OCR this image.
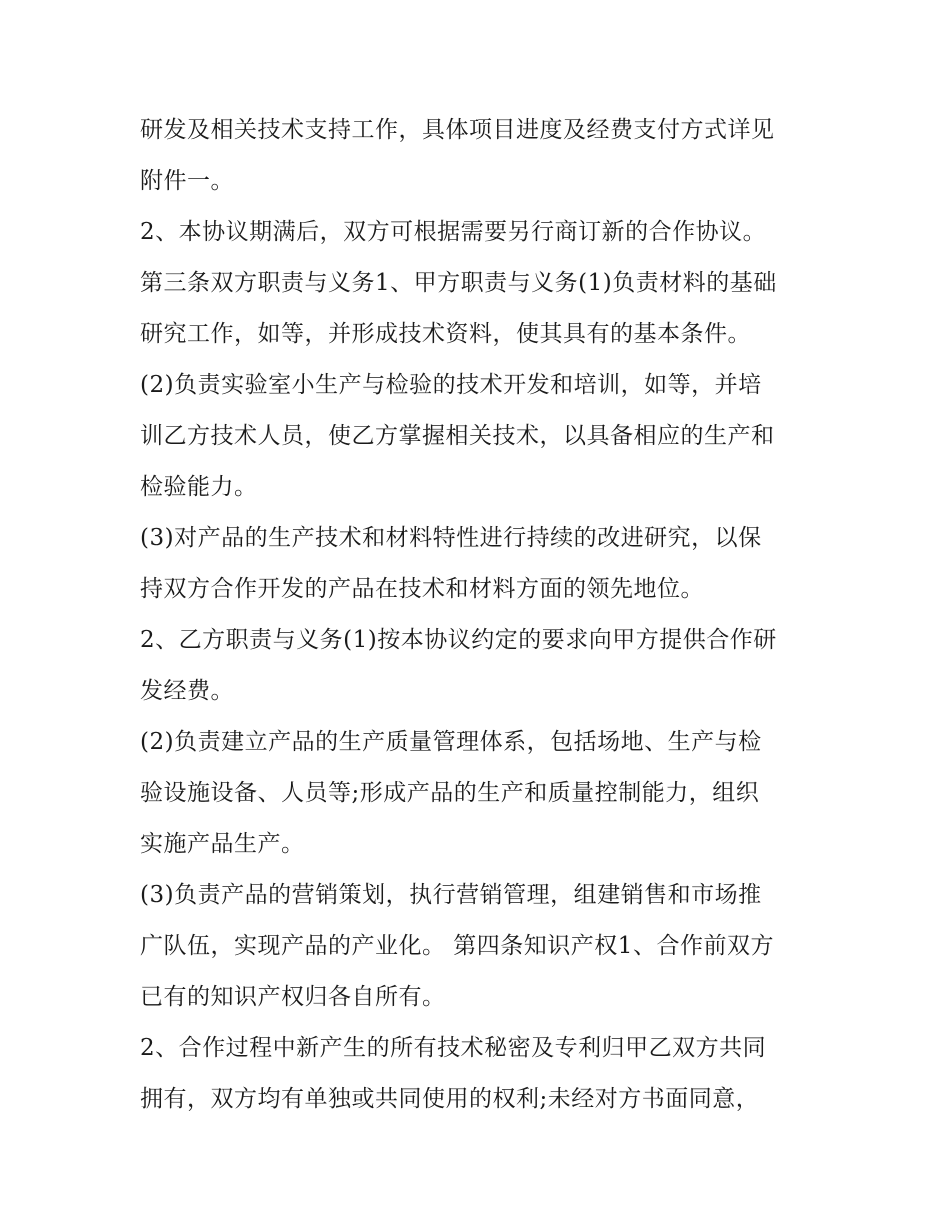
研发及相关技术支持工作，具体项目进度及经费支付方式详见
附件一。
2、本协议期满后，双方可根据需要另行商订新的合作协议。
第三条双方职责与义务1、甲方职责与义务(1)负责材料的基础
研究工作，如等，并形成技术资料，使其具有的基本条件。
(2)负责实验室小生产与检验的技术开发和培训，如等，并培
训乙方技术人员，使乙方掌握相关技术，以具备相应的生产和
检验能力。
(3)对产品的生产技术和材料特性进行持续的改进研究，以保
持双方合作开发的产品在技术和材料方面的领先地位。
2、乙方职责与义务(1)按本协议约定的要求向甲方提供合作研
发经费。
(2)负责建立产品的生产质量管理体系，包括场地、生产与检
验设施设备、人员等;形成产品的生产和质量控制能力，组织
实施产品生产。
(3)负责产品的营销策划，执行营销管理，组建销售和市场推
广队伍，实现产品的产业化。 第四条知识产权1、合作前双方
已有的知识产权归各自所有。
2、合作过程中新产生的所有技术秘密及专利归甲乙双方共同
拥有，双方均有单独或共同使用的权利;未经对方书面同意，
